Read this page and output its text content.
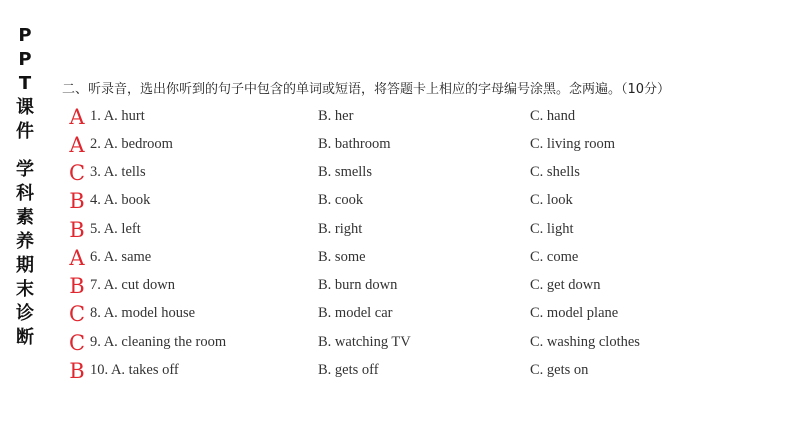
P
P
T
课
件
学
科
素
养
期
末
诊
断
二、听录音，选出你听到的句子中包含的单词或短语，将答题卡上相应的字母编号涂黑。念两遍。（10分）
A 1. A. hurt	B. her	C. hand
A 2. A. bedroom	B. bathroom	C. living room
C 3. A. tells	B. smells	C. shells
B 4. A. book	B. cook	C. look
B 5. A. left	B. right	C. light
A 6. A. same	B. some	C. come
B 7. A. cut down	B. burn down	C. get down
C 8. A. model house	B. model car	C. model plane
C 9. A. cleaning the room	B. watching TV	C. washing clothes
B 10. A. takes off	B. gets off	C. gets on
